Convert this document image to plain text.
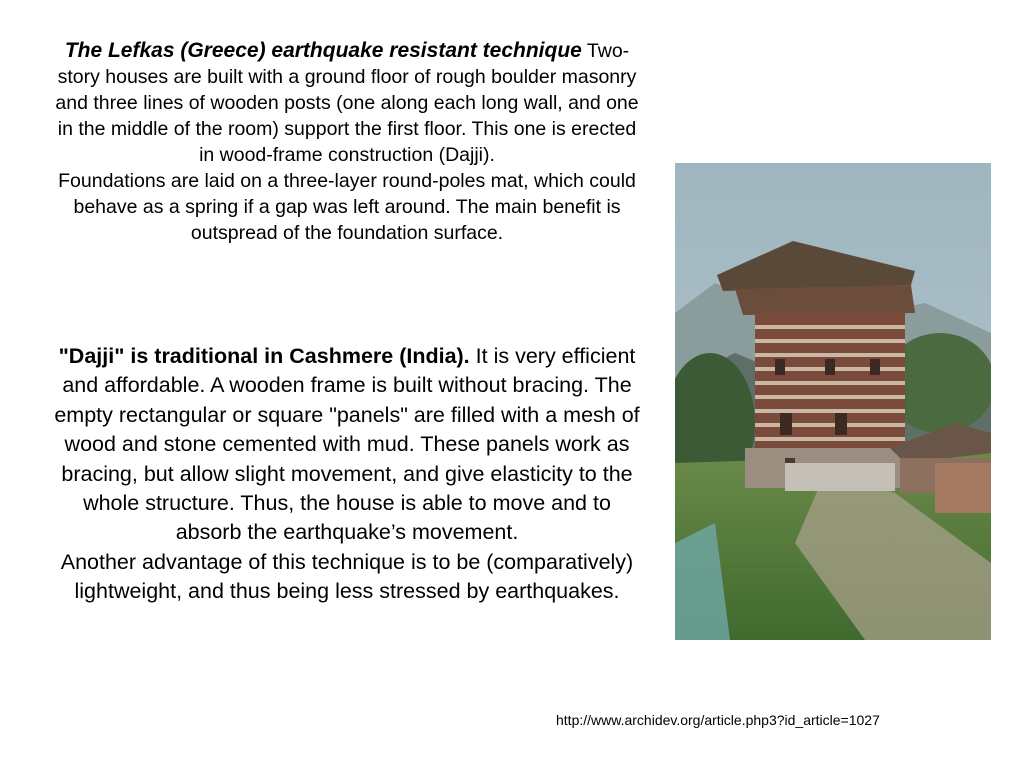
The Lefkas (Greece) earthquake resistant technique Two-story houses are built with a ground floor of rough boulder masonry and three lines of wooden posts (one along each long wall, and one in the middle of the room) support the first floor. This one is erected in wood-frame construction (Dajji).
Foundations are laid on a three-layer round-poles mat, which could behave as a spring if a gap was left around. The main benefit is outspread of the foundation surface.
"Dajji" is traditional in Cashmere (India). It is very efficient and affordable. A wooden frame is built without bracing. The empty rectangular or square "panels" are filled with a mesh of wood and stone cemented with mud. These panels work as bracing, but allow slight movement, and give elasticity to the whole structure. Thus, the house is able to move and to absorb the earthquake’s movement.
Another advantage of this technique is to be (comparatively) lightweight, and thus being less stressed by earthquakes.
http://www.archidev.org/article.php3?id_article=1027
